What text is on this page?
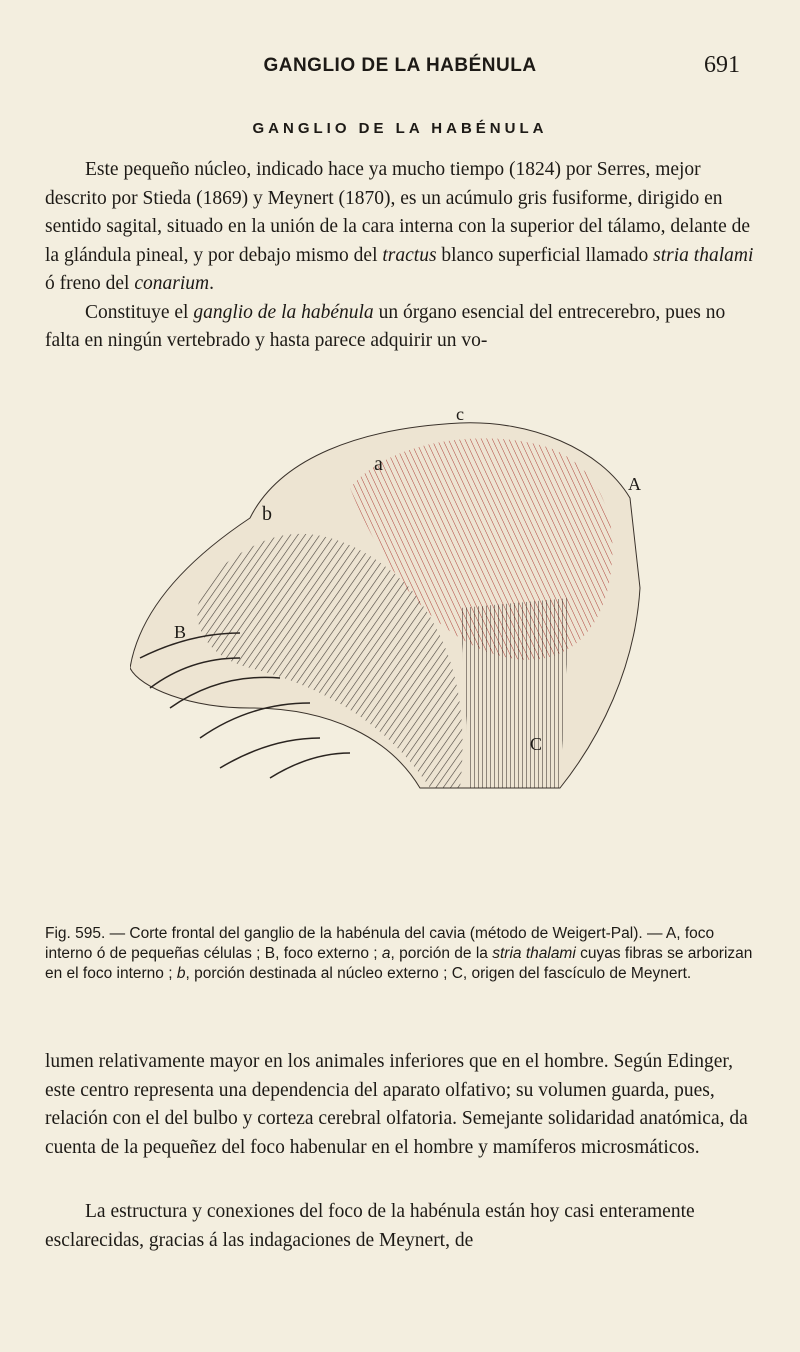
GANGLIO DE LA HABÉNULA	691
GANGLIO DE LA HABÉNULA

Este pequeño núcleo, indicado hace ya mucho tiempo (1824) por Serres, mejor descrito por Stieda (1869) y Meynert (1870), es un acúmulo gris fusiforme, dirigido en sentido sagital, situado en la unión de la cara interna con la superior del tálamo, delante de la glándula pineal, y por debajo mismo del tractus blanco superficial llamado stria thalami ó freno del conarium.

Constituye el ganglio de la habénula un órgano esencial del entrecerebro, pues no falta en ningún vertebrado y hasta parece adquirir un vo-

c
a
A
b
B
C
Fig. 595. — Corte frontal del ganglio de la habénula del cavia (método de Weigert-Pal). — A, foco interno ó de pequeñas células ; B, foco externo ; a, porción de la stria thalami cuyas fibras se arborizan en el foco interno ; b, porción destinada al núcleo externo ; C, origen del fascículo de Meynert.

lumen relativamente mayor en los animales inferiores que en el hombre. Según Edinger, este centro representa una dependencia del aparato olfativo; su volumen guarda, pues, relación con el del bulbo y corteza cerebral olfatoria. Semejante solidaridad anatómica, da cuenta de la pequeñez del foco habenular en el hombre y mamíferos microsmáticos.

La estructura y conexiones del foco de la habénula están hoy casi enteramente esclarecidas, gracias á las indagaciones de Meynert, de
